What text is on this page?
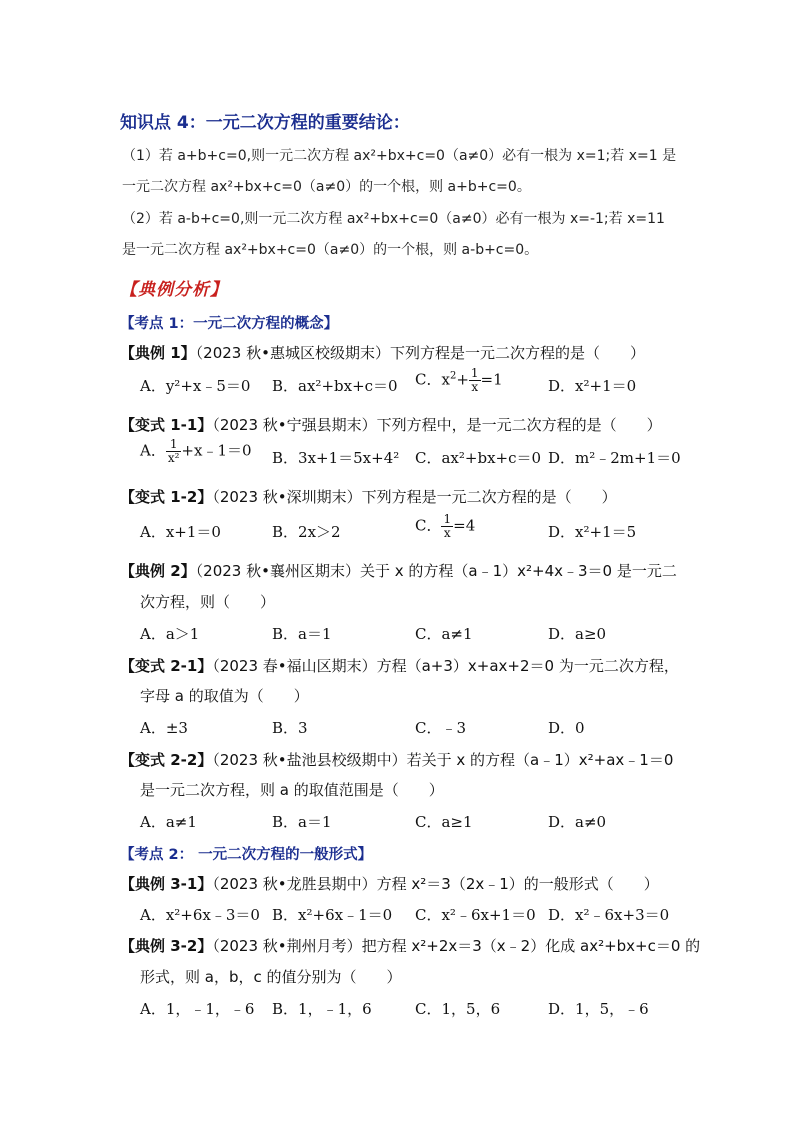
知识点 4：一元二次方程的重要结论：
（1）若 a+b+c=0,则一元二次方程 ax²+bx+c=0（a≠0）必有一根为 x=1;若 x=1 是
一元二次方程 ax²+bx+c=0（a≠0）的一个根，则 a+b+c=0。
（2）若 a-b+c=0,则一元二次方程 ax²+bx+c=0（a≠0）必有一根为 x=-1;若 x=11
是一元二次方程 ax²+bx+c=0（a≠0）的一个根，则 a-b+c=0。
【典例分析】
【考点 1：一元二次方程的概念】
【典例 1】（2023 秋•惠城区校级期末）下列方程是一元二次方程的是（　　）
A．y²+x﹣5＝0 B．ax²+bx+c＝0 C．$x^2+ \frac{1}{x} =1$	D．x²+1＝0
【变式 1-1】（2023 秋•宁强县期末）下列方程中，是一元二次方程的是（　　）
A． $\frac{1}{\text{x²}}$ +x﹣1＝0 B．3x+1＝5x+4² C．ax²+bx+c＝0 D．m²﹣2m+1＝0
【变式 1-2】（2023 秋•深圳期末）下列方程是一元二次方程的是（　　）
A．x+1＝0	B．2x＞2	C． $\frac{1}{x} =4$	D．x²+1＝5
【典例 2】（2023 秋•襄州区期末）关于 x 的方程（a﹣1）x²+4x﹣3＝0 是一元二
次方程，则（　　）
A．a＞1	B．a＝1	C．a≠1	D．a≥0
【变式 2-1】（2023 春•福山区期末）方程（a+3）x+ax+2＝0 为一元二次方程，
字母 a 的取值为（　　）
A．±3	B．3	C．﹣3	D．0
【变式 2-2】（2023 秋•盐池县校级期中）若关于 x 的方程（a﹣1）x²+ax﹣1＝0
是一元二次方程，则 a 的取值范围是（　　）
A．a≠1	B．a＝1	C．a≥1	D．a≠0
【考点 2： 一元二次方程的一般形式】
【典例 3-1】（2023 秋•龙胜县期中）方程 x²＝3（2x﹣1）的一般形式（　　）
A．x²+6x﹣3＝0 B．x²+6x﹣1＝0 C．x²﹣6x+1＝0 D．x²﹣6x+3＝0
【典例 3-2】（2023 秋•荆州月考）把方程 x²+2x＝3（x﹣2）化成 ax²+bx+c＝0 的
形式，则 a，b，c 的值分别为（　　）
A．1，﹣1，﹣6 B．1，﹣1，6	C．1，5，6	D．1，5，﹣6
